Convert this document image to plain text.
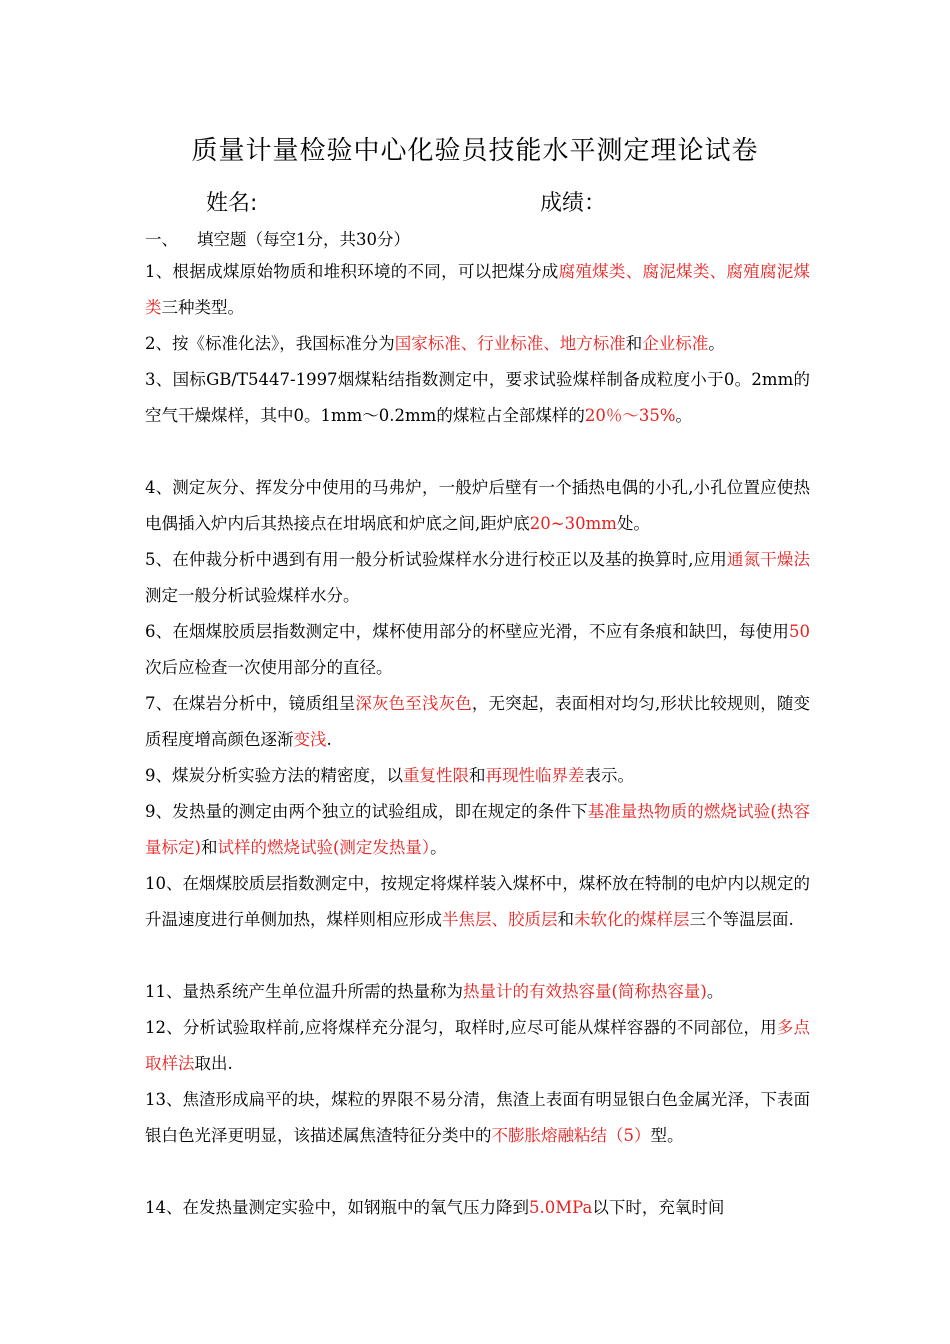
质量计量检验中心化验员技能水平测定理论试卷
姓名:	成绩：
一、 填空题（每空1分，共30分）
1、根据成煤原始物质和堆积环境的不同，可以把煤分成腐殖煤类、腐泥煤类、腐殖腐泥煤类三种类型。
2、按《标准化法》，我国标准分为国家标准、行业标准、地方标准和企业标准。
3、国标GB/T5447-1997烟煤粘结指数测定中，要求试验煤样制备成粒度小于0。2mm的空气干燥煤样，其中0。1mm～0.2mm的煤粒占全部煤样的20％～35%。
4、测定灰分、挥发分中使用的马弗炉，一般炉后壁有一个插热电偶的小孔,小孔位置应使热电偶插入炉内后其热接点在坩埚底和炉底之间,距炉底20~30mm处。
5、在仲裁分析中遇到有用一般分析试验煤样水分进行校正以及基的换算时,应用通氮干燥法测定一般分析试验煤样水分。
6、在烟煤胶质层指数测定中，煤杯使用部分的杯壁应光滑，不应有条痕和缺凹，每使用50次后应检查一次使用部分的直径。
7、在煤岩分析中，镜质组呈深灰色至浅灰色，无突起，表面相对均匀,形状比较规则，随变质程度增高颜色逐渐变浅.
9、煤炭分析实验方法的精密度，以重复性限和再现性临界差表示。
9、发热量的测定由两个独立的试验组成，即在规定的条件下基准量热物质的燃烧试验(热容量标定)和试样的燃烧试验(测定发热量）。
10、在烟煤胶质层指数测定中，按规定将煤样装入煤杯中，煤杯放在特制的电炉内以规定的升温速度进行单侧加热，煤样则相应形成半焦层、胶质层和未软化的煤样层三个等温层面.
11、量热系统产生单位温升所需的热量称为热量计的有效热容量(简称热容量)。
12、分析试验取样前,应将煤样充分混匀，取样时,应尽可能从煤样容器的不同部位，用多点取样法取出.
13、焦渣形成扁平的块，煤粒的界限不易分清，焦渣上表面有明显银白色金属光泽，下表面银白色光泽更明显，该描述属焦渣特征分类中的不膨胀熔融粘结（5）型。
14、在发热量测定实验中，如钢瓶中的氧气压力降到5.0MPa以下时，充氧时间
